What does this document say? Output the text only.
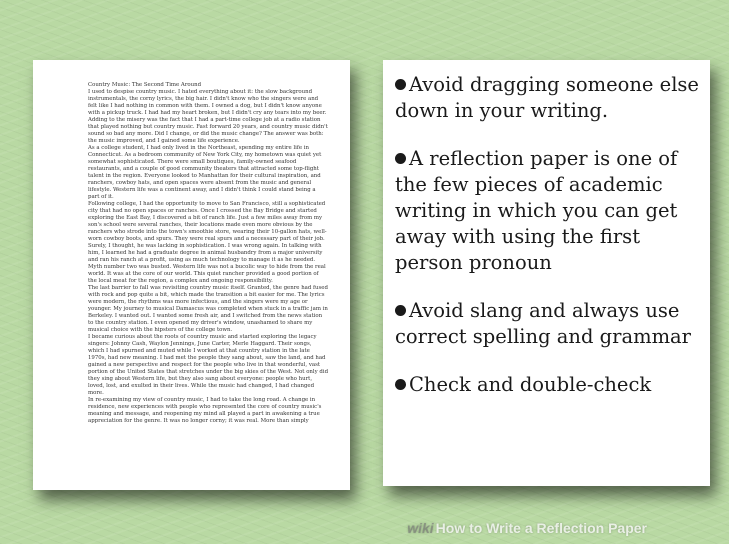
Country Music: The Second Time Around

I used to despise country music. I hated everything about it: the slow background instrumentals, the corny lyrics, the big hair. I didn't know who the singers were and felt like I had nothing in common with them. I owned a dog, but I didn't know anyone with a pickup truck. I had had my heart broken, but I didn't cry any tears into my beer. Adding to the misery was the fact that I had a part-time college job at a radio station that played nothing but country music. Fast forward 20 years, and country music didn't sound so bad any more. Did I change, or did the music change? The answer was both: the music improved, and I gained some life experience.

As a college student, I had only lived in the Northeast, spending my entire life in Connecticut. As a bedroom community of New York City, my hometown was quiet yet somewhat sophisticated. There were small boutiques, family-owned seafood restaurants, and a couple of good community theaters that attracted some top-flight talent in the region. Everyone looked to Manhattan for their cultural inspiration, and ranchers, cowboy hats, and open spaces were absent from the music and general lifestyle. Western life was a continent away, and I didn't think I could stand being a part of it.

Following college, I had the opportunity to move to San Francisco, still a sophisticated city that had no open spaces or ranches. Once I crossed the Bay Bridge and started exploring the East Bay, I discovered a bit of ranch life. Just a few miles away from my son's school were several ranches, their locations made even more obvious by the ranchers who strode into the town's smoothie store, wearing their 10-gallon hats, well-worn cowboy boots, and spurs. They were real spurs and a necessary part of their job. Surely, I thought, he was lacking in sophistication. I was wrong again. In talking with him, I learned he had a graduate degree in animal husbandry from a major university and ran his ranch at a profit, using as much technology to manage it as he needed. Myth number two was busted. Western life was not a bucolic way to hide from the real world. It was at the core of our world. This quiet rancher provided a good portion of the local meat for the region, a complex and ongoing responsibility.

The last barrier to fall was revisiting country music itself. Granted, the genre had fused with rock and pop quite a bit, which made the transition a bit easier for me. The lyrics were modern, the rhythms was more infectious, and the singers were my age or younger. My journey to musical Damascus was completed when stuck in a traffic jam in Berkeley. I wanted out. I wanted some fresh air, and I switched from the news station to the country station. I even opened my driver's window, unashamed to share my musical choice with the hipsters of the college town.

I became curious about the roots of country music and started exploring the legacy singers: Johnny Cash, Waylon Jennings, June Carter, Merle Haggard. Their songs, which I had spurned and muted while I worked at that country station in the late 1970s, had new meaning. I had met the people they sang about, saw the land, and had gained a new perspective and respect for the people who live in that wonderful, vast portion of the United States that stretches under the big skies of the West. Not only did they sing about Western life, but they also sang about everyone: people who hurt, loved, lost, and exulted in their lives. While the music had changed, I had changed more.

In re-examining my view of country music, I had to take the long road. A change in residence, new experiences with people who represented the core of country music's meaning and message, and reopening my mind all played a part in awakening a true appreciation for the genre. It was no longer corny; it was real. More than simply

Avoid dragging someone else down in your writing.

A reflection paper is one of the few pieces of academic writing in which you can get away with using the first person pronoun

Avoid slang and always use correct spelling and grammar

Check and double-check

wiki How to Write a Reflection Paper
